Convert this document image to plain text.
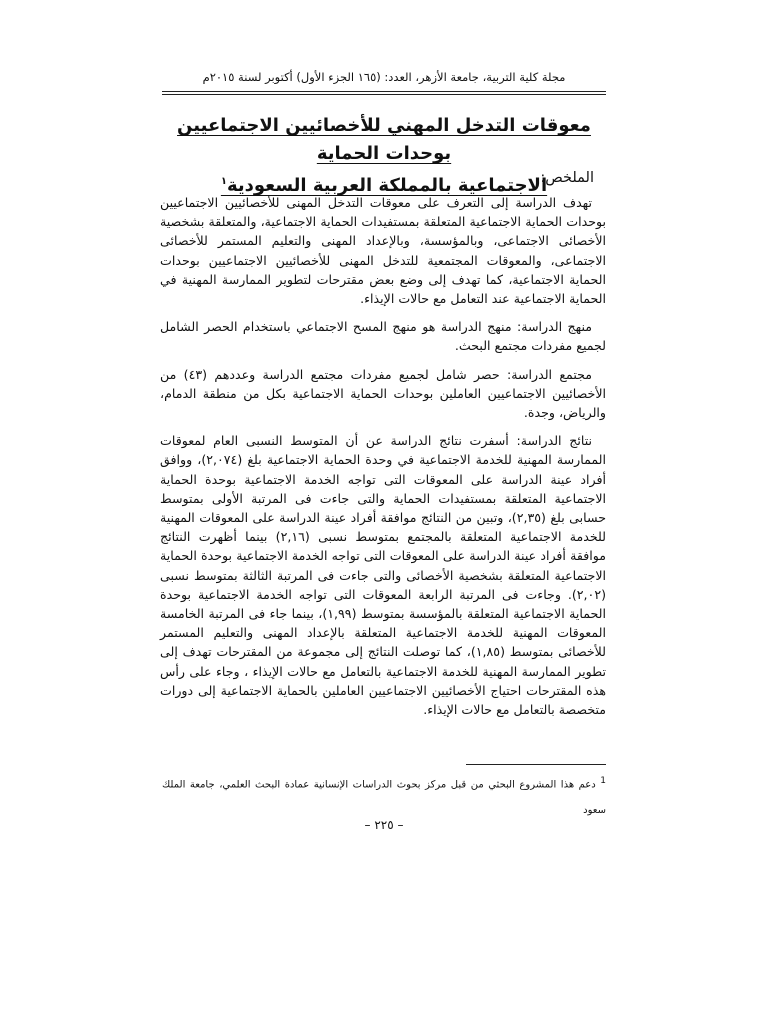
مجلة كلية التربية، جامعة الأزهر، العدد: (١٦٥ الجزء الأول) أكتوبر لسنة ٢٠١٥م
معوقات التدخل المهني للأخصائيين الاجتماعيين بوحدات الحماية
الاجتماعية بالمملكة العربية السعودية$^١$	الملخص:

تهدف الدراسة إلى التعرف على معوقات التدخل المهنى للأخصائيين الاجتماعيين بوحدات الحماية الاجتماعية المتعلقة بمستفيدات الحماية الاجتماعية، والمتعلقة بشخصية الأخصائى الاجتماعى، وبالمؤسسة، وبالإعداد المهنى والتعليم المستمر للأخصائى الاجتماعى، والمعوقات المجتمعية للتدخل المهنى للأخصائيين الاجتماعيين بوحدات الحماية الاجتماعية، كما تهدف إلى وضع بعض مقترحات لتطوير الممارسة المهنية في الحماية الاجتماعية عند التعامل مع حالات الإيذاء.

منهج الدراسة: منهج الدراسة هو منهج المسح الاجتماعي باستخدام الحصر الشامل لجميع مفردات مجتمع البحث.

مجتمع الدراسة: حصر شامل لجميع مفردات مجتمع الدراسة وعددهم (٤٣) من الأخصائيين الاجتماعيين العاملين بوحدات الحماية الاجتماعية بكل من منطقة الدمام، والرياض، وجدة.

نتائج الدراسة: أسفرت نتائج الدراسة عن أن المتوسط النسبى العام لمعوقات الممارسة المهنية للخدمة الاجتماعية في وحدة الحماية الاجتماعية بلغ (٢,٠٧٤)، ووافق أفراد عينة الدراسة على المعوقات التى تواجه الخدمة الاجتماعية بوحدة الحماية الاجتماعية المتعلقة بمستفيدات الحماية والتى جاءت فى المرتبة الأولى بمتوسط حسابى بلغ (٢,٣٥)، وتبين من النتائج موافقة أفراد عينة الدراسة على المعوقات المهنية للخدمة الاجتماعية المتعلقة بالمجتمع بمتوسط نسبى (٢,١٦) بينما أظهرت النتائج موافقة أفراد عينة الدراسة على المعوقات التى تواجه الخدمة الاجتماعية بوحدة الحماية الاجتماعية المتعلقة بشخصية الأخصائى والتى جاءت فى المرتبة الثالثة بمتوسط نسبى (٢,٠٢). وجاءت فى المرتبة الرابعة المعوقات التى تواجه الخدمة الاجتماعية بوحدة الحماية الاجتماعية المتعلقة بالمؤسسة بمتوسط (١,٩٩)، بينما جاء فى المرتبة الخامسة المعوقات المهنية للخدمة الاجتماعية المتعلقة بالإعداد المهنى والتعليم المستمر للأخصائى بمتوسط (١,٨٥)، كما توصلت النتائج إلى مجموعة من المقترحات تهدف إلى تطوير الممارسة المهنية للخدمة الاجتماعية بالتعامل مع حالات الإيذاء ، وجاء على رأس هذه المقترحات احتياج الأخصائيين الاجتماعيين العاملين بالحماية الاجتماعية إلى دورات متخصصة بالتعامل مع حالات الإيذاء.

$^1$ دعم هذا المشروع البحثي من قبل مركز بحوث الدراسات الإنسانية عمادة البحث العلمي، جامعة الملك سعود
– ٢٢٥ –
